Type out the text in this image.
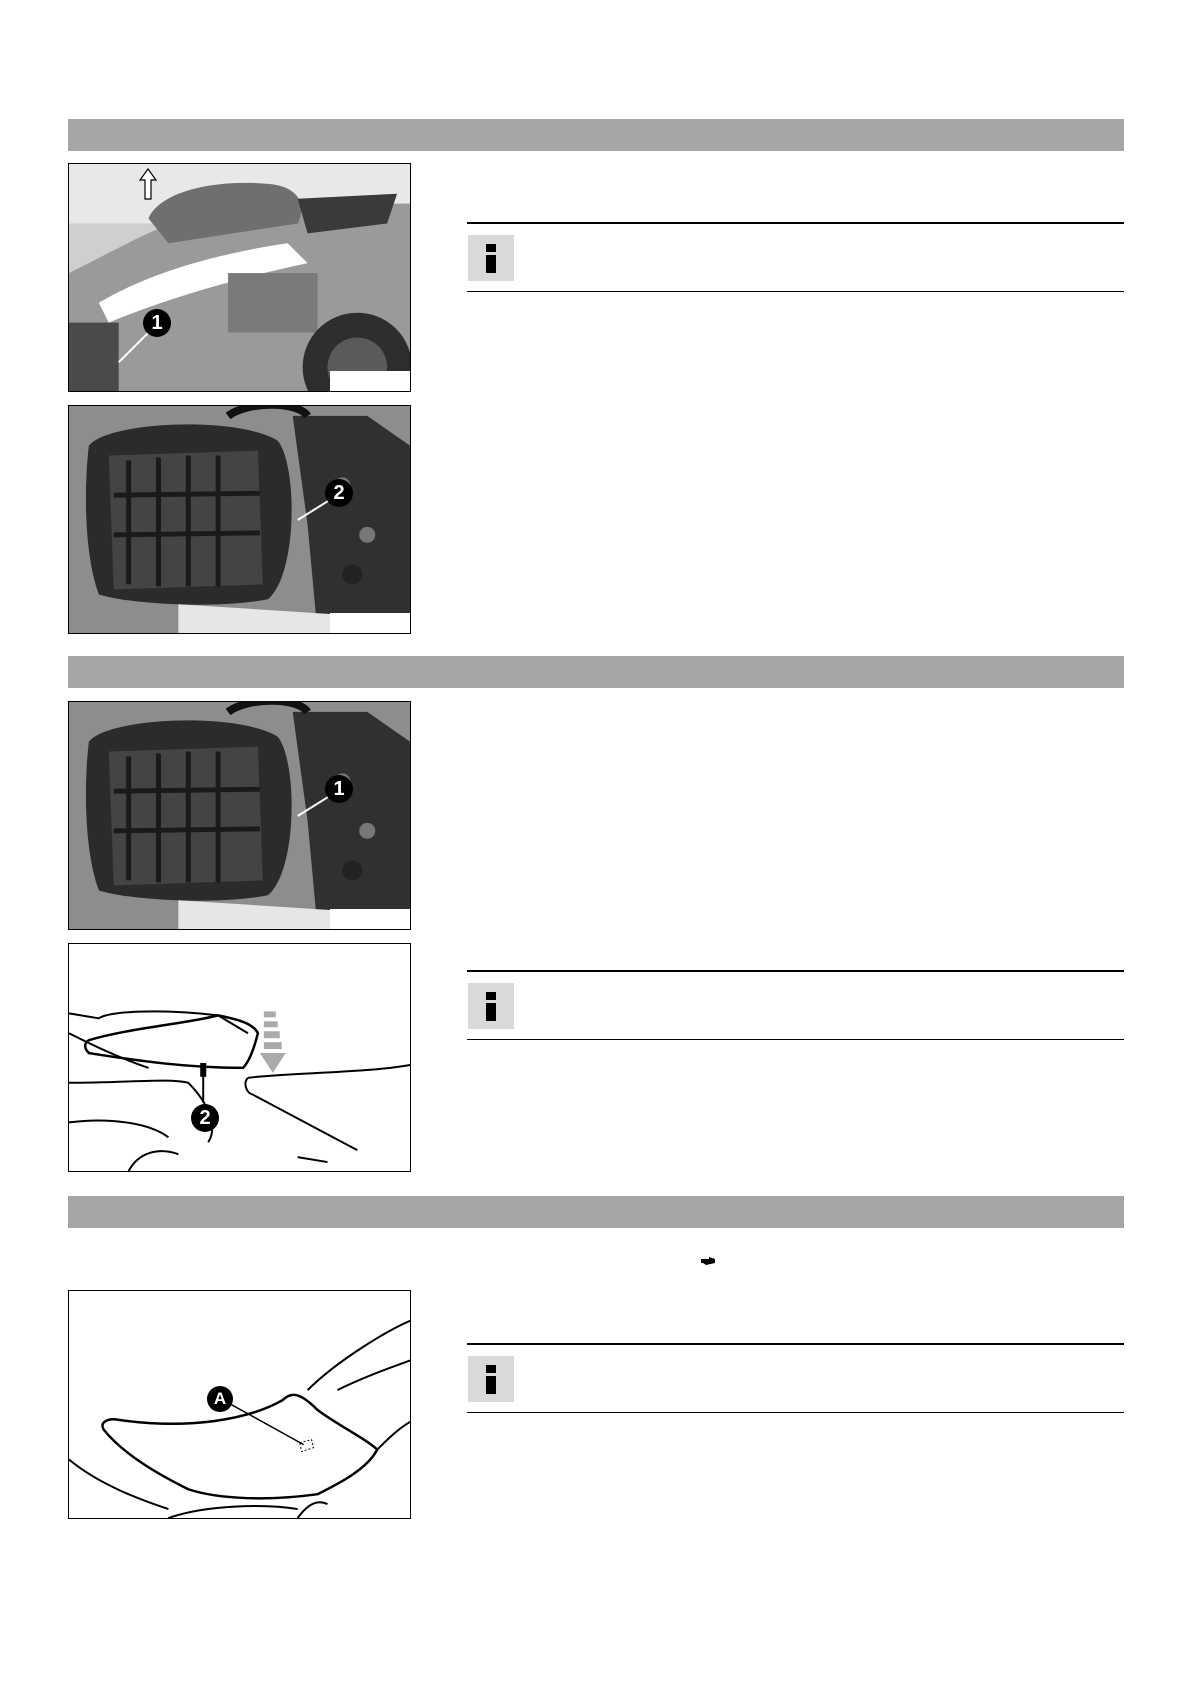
1
2
1
2
A
